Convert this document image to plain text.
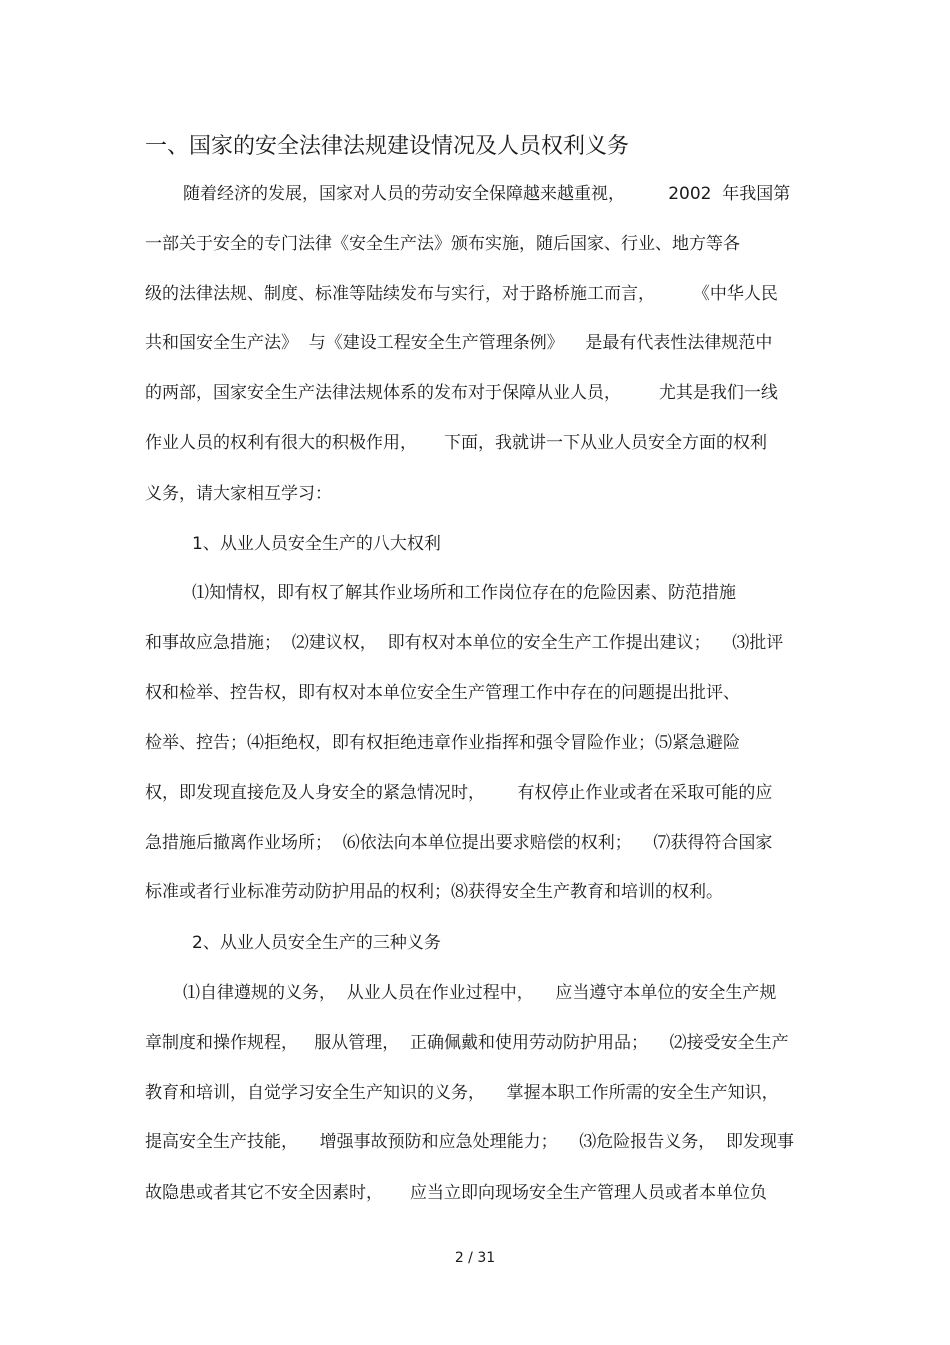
一、国家的安全法律法规建设情况及人员权利义务
随着经济的发展，国家对人员的劳动安全保障越来越重视，        2002  年我国第
一部关于安全的专门法律《安全生产法》颁布实施，随后国家、行业、地方等各
级的法律法规、制度、标准等陆续发布与实行，对于路桥施工而言，       《中华人民
共和国安全生产法》  与《建设工程安全生产管理条例》    是最有代表性法律规范中
的两部，国家安全生产法律法规体系的发布对于保障从业人员，       尤其是我们一线
作业人员的权利有很大的积极作用，     下面，我就讲一下从业人员安全方面的权利
义务，请大家相互学习：
1、从业人员安全生产的八大权利
⑴知情权，即有权了解其作业场所和工作岗位存在的危险因素、防范措施
和事故应急措施；  ⑵建议权，  即有权对本单位的安全生产工作提出建议；    ⑶批评
权和检举、控告权，即有权对本单位安全生产管理工作中存在的问题提出批评、
检举、控告；⑷拒绝权，即有权拒绝违章作业指挥和强令冒险作业；⑸紧急避险
权，即发现直接危及人身安全的紧急情况时，      有权停止作业或者在采取可能的应
急措施后撤离作业场所；  ⑹依法向本单位提出要求赔偿的权利；    ⑺获得符合国家
标准或者行业标准劳动防护用品的权利；⑻获得安全生产教育和培训的权利。
2、从业人员安全生产的三种义务
⑴自律遵规的义务，  从业人员在作业过程中，    应当遵守本单位的安全生产规
章制度和操作规程，   服从管理，  正确佩戴和使用劳动防护用品；    ⑵接受安全生产
教育和培训，自觉学习安全生产知识的义务，    掌握本职工作所需的安全生产知识，
提高安全生产技能，    增强事故预防和应急处理能力；    ⑶危险报告义务，  即发现事
故隐患或者其它不安全因素时，     应当立即向现场安全生产管理人员或者本单位负
2 / 31
